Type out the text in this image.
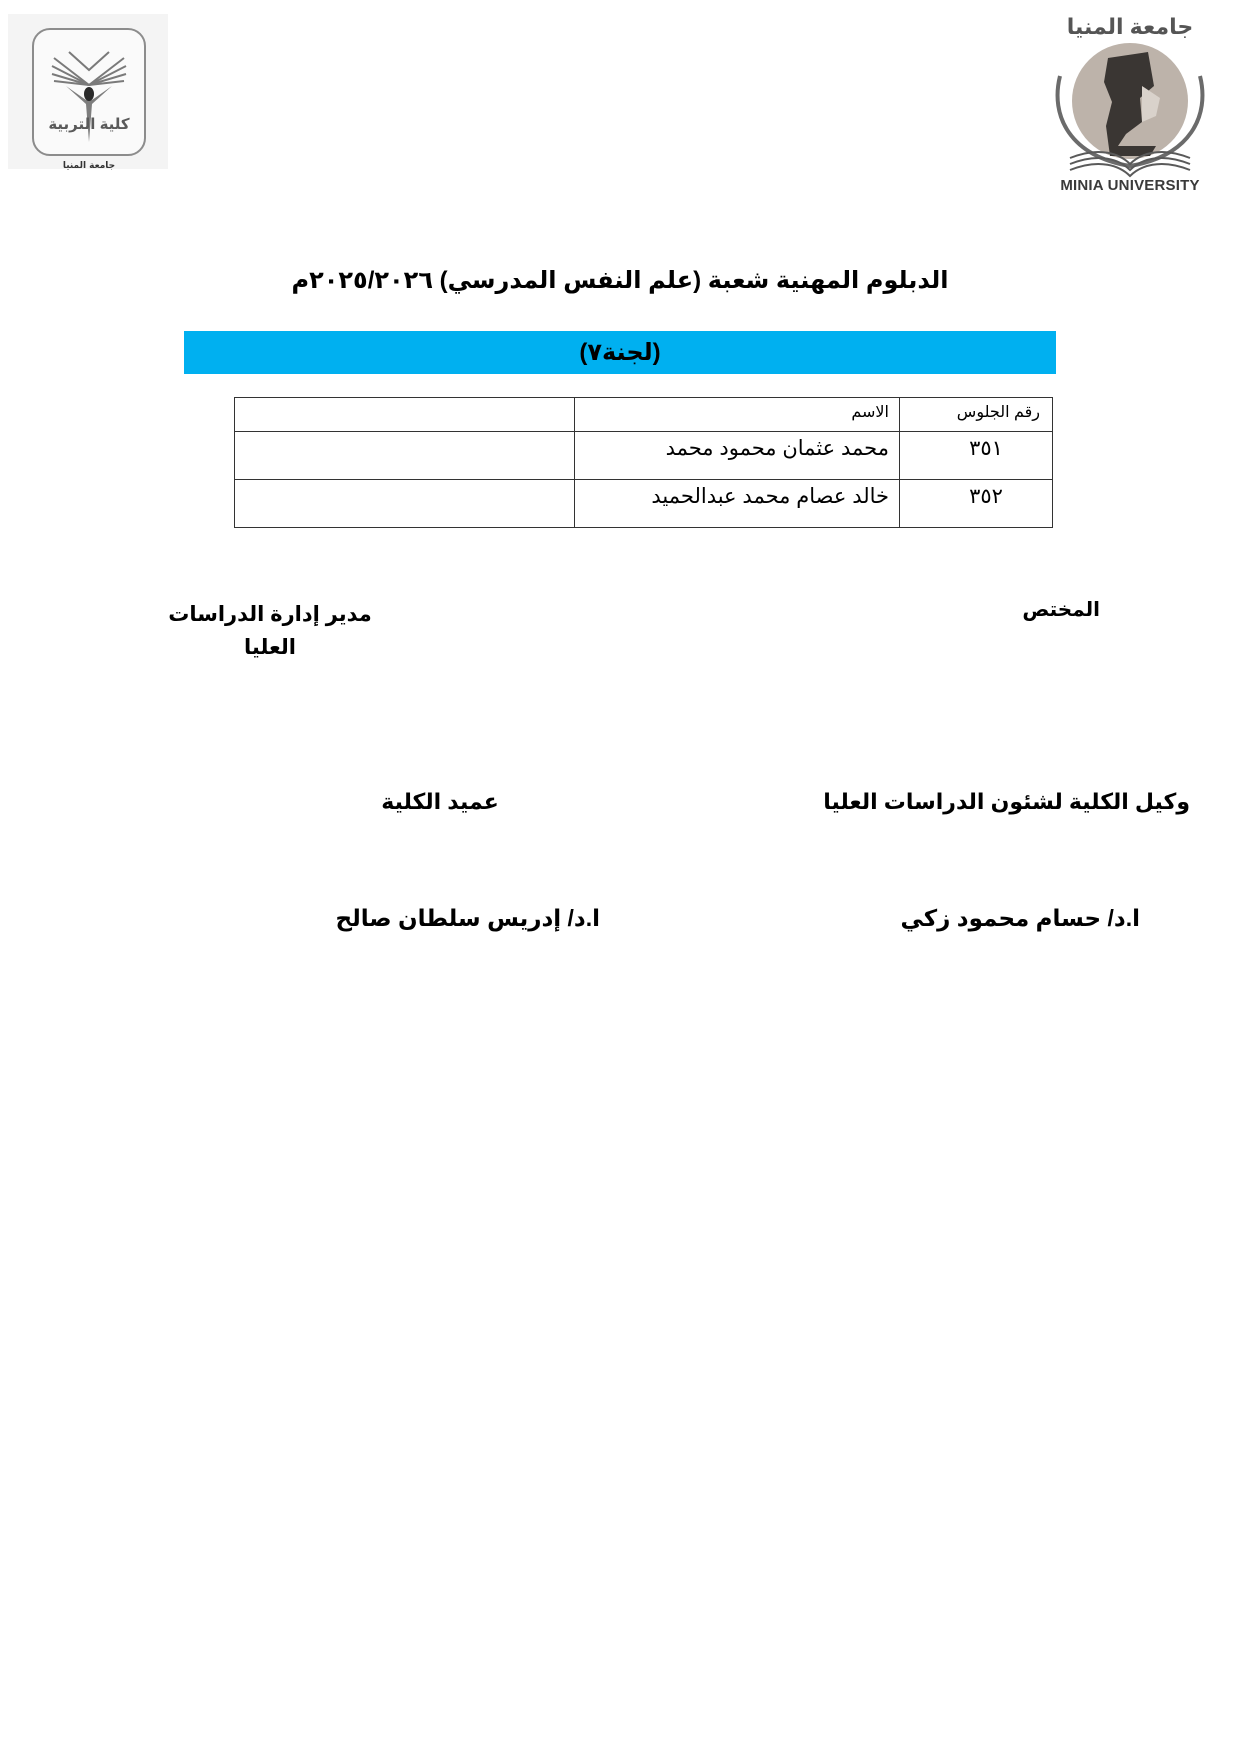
كلية التربية
جامعة المنيا
جامعة المنيا
MINIA UNIVERSITY
الدبلوم المهنية شعبة (علم النفس المدرسي) ٢٠٢٥/٢٠٢٦م
(لجنة٧)
رقم الجلوس	الاسم	
٣٥١	محمد عثمان محمود محمد	
٣٥٢	خالد عصام محمد عبدالحميد	
المختص
مدير إدارة الدراسات
العليا
وكيل الكلية لشئون الدراسات العليا
عميد الكلية
ا.د/ حسام محمود زكي
ا.د/ إدريس سلطان صالح
